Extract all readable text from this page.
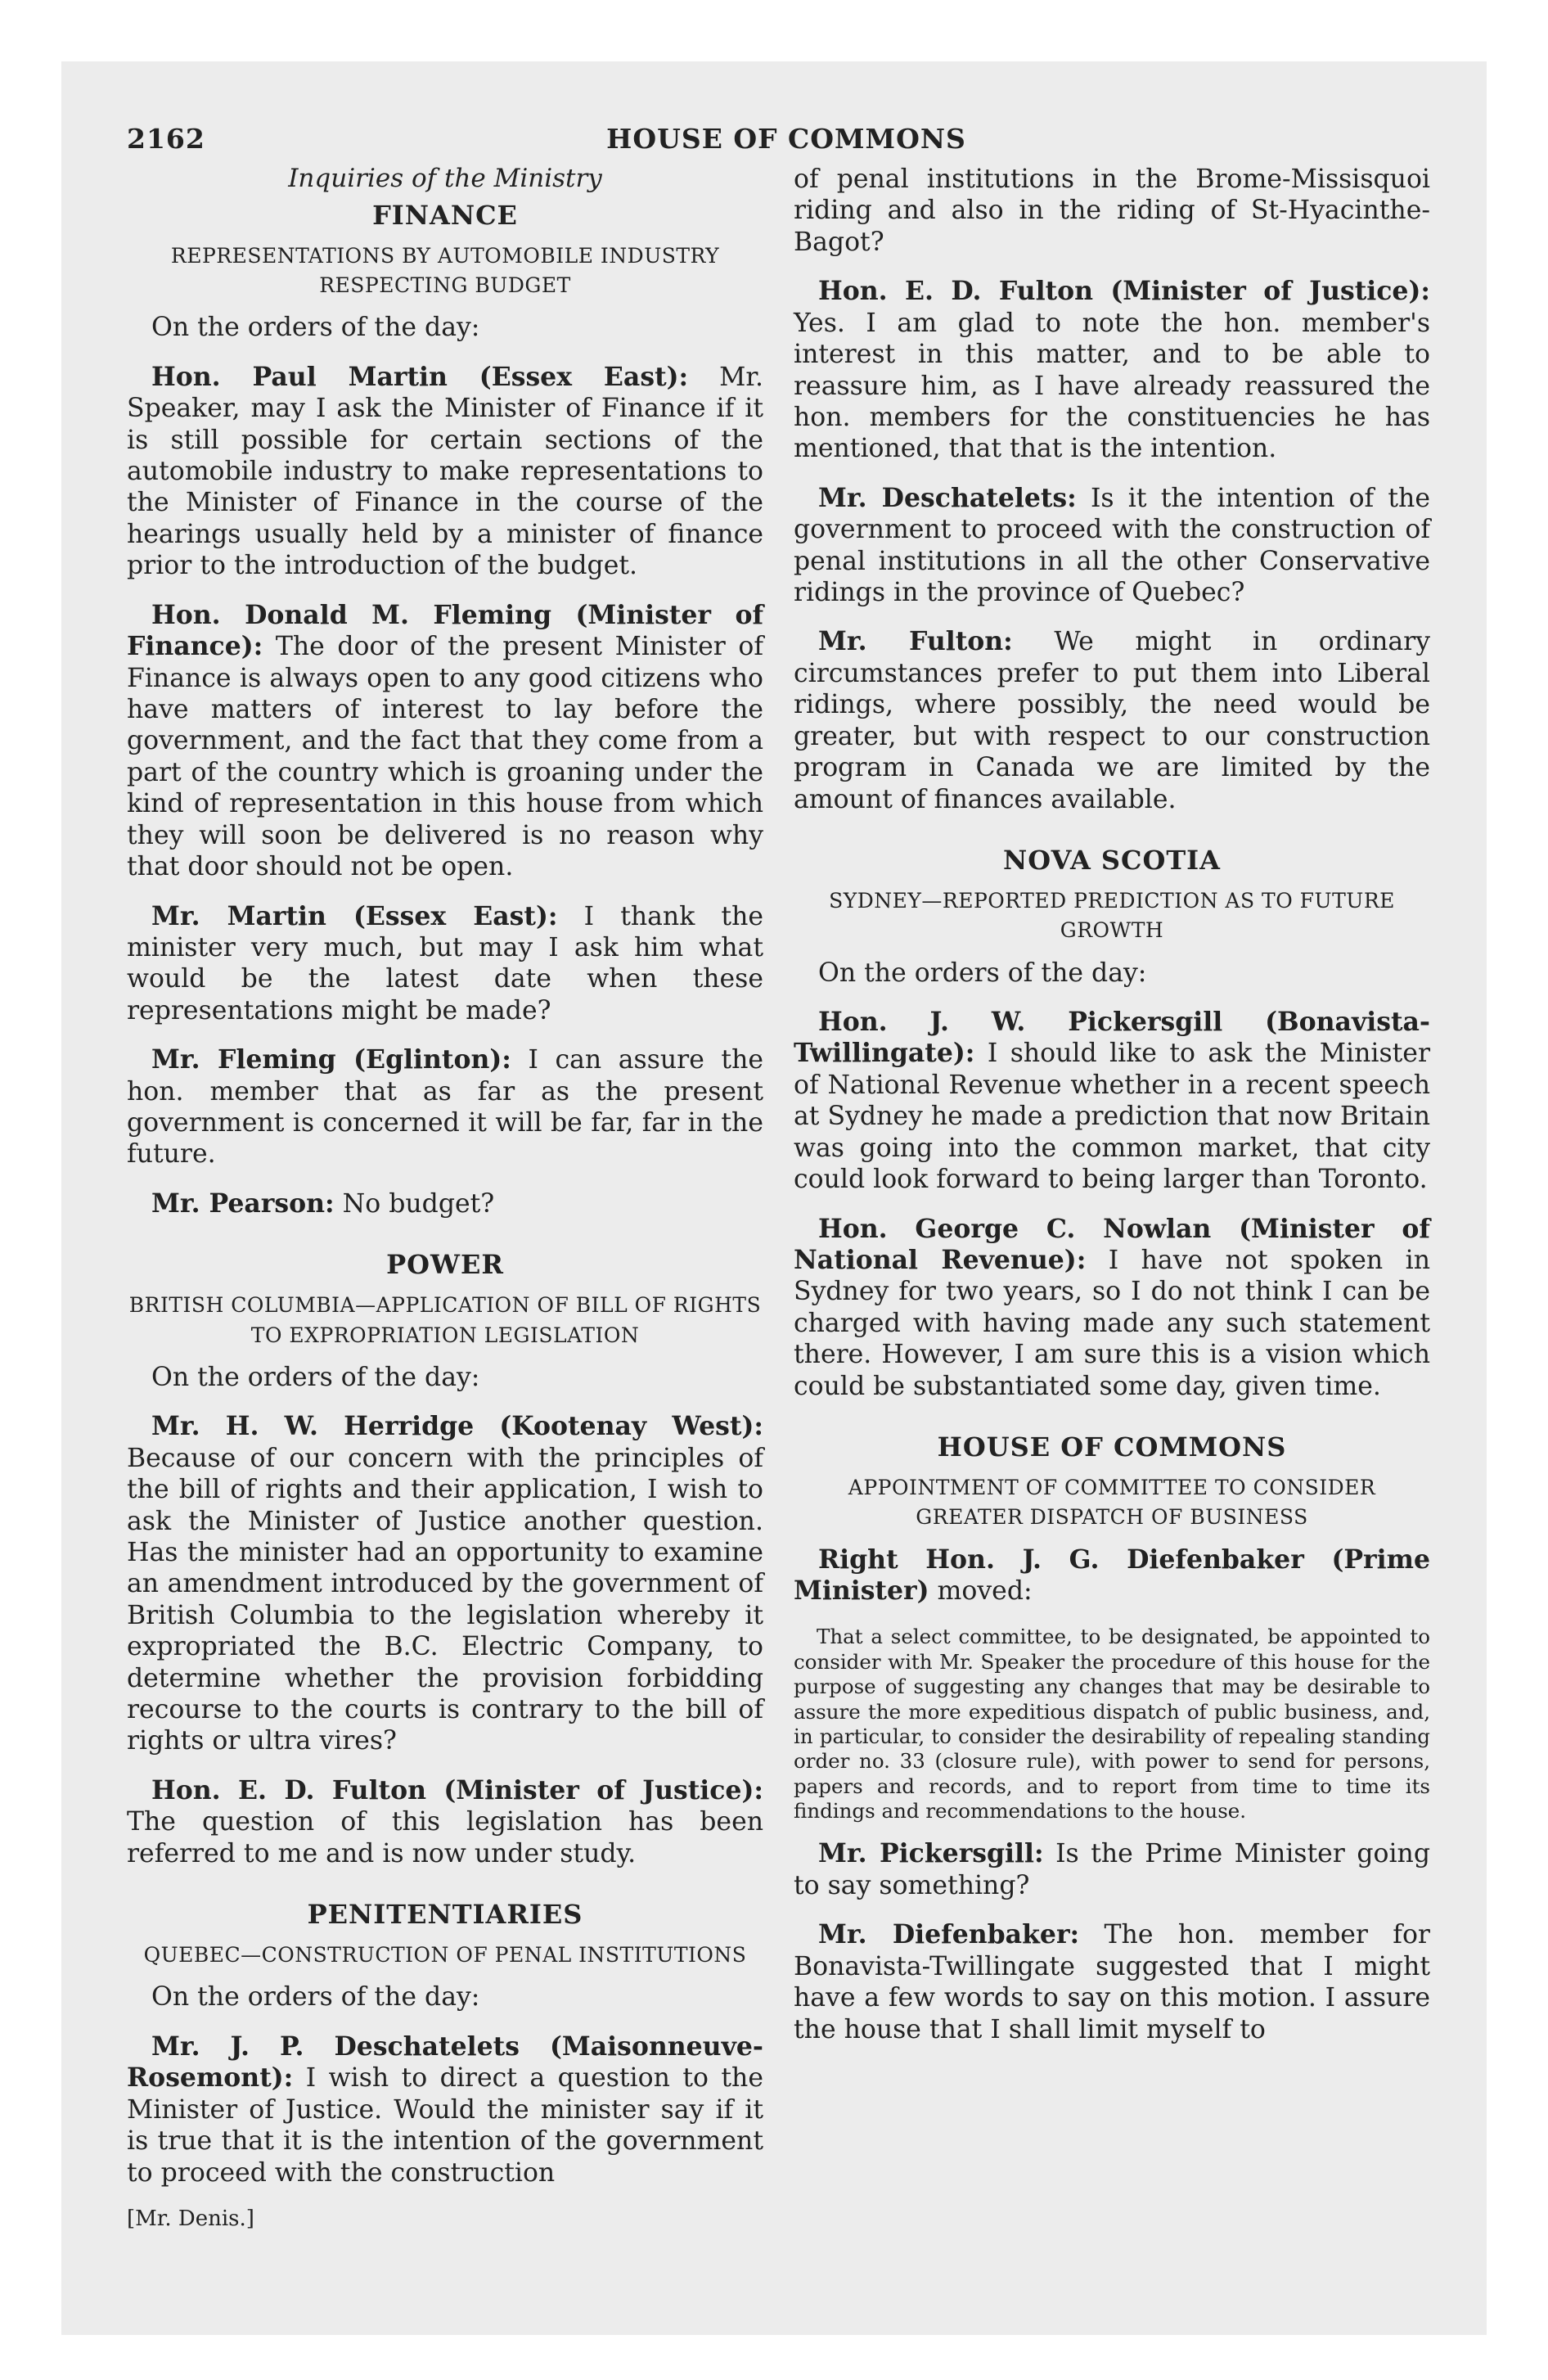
2162	HOUSE OF COMMONS
Inquiries of the Ministry
FINANCE
REPRESENTATIONS BY AUTOMOBILE INDUSTRY RESPECTING BUDGET

On the orders of the day:

Hon. Paul Martin (Essex East): Mr. Speaker, may I ask the Minister of Finance if it is still possible for certain sections of the automobile industry to make representations to the Minister of Finance in the course of the hearings usually held by a minister of finance prior to the introduction of the budget.

Hon. Donald M. Fleming (Minister of Finance): The door of the present Minister of Finance is always open to any good citizens who have matters of interest to lay before the government, and the fact that they come from a part of the country which is groaning under the kind of representation in this house from which they will soon be delivered is no reason why that door should not be open.

Mr. Martin (Essex East): I thank the minister very much, but may I ask him what would be the latest date when these representations might be made?

Mr. Fleming (Eglinton): I can assure the hon. member that as far as the present government is concerned it will be far, far in the future.

Mr. Pearson: No budget?

POWER
BRITISH COLUMBIA—APPLICATION OF BILL OF RIGHTS TO EXPROPRIATION LEGISLATION

On the orders of the day:

Mr. H. W. Herridge (Kootenay West): Because of our concern with the principles of the bill of rights and their application, I wish to ask the Minister of Justice another question. Has the minister had an opportunity to examine an amendment introduced by the government of British Columbia to the legislation whereby it expropriated the B.C. Electric Company, to determine whether the provision forbidding recourse to the courts is contrary to the bill of rights or ultra vires?

Hon. E. D. Fulton (Minister of Justice): The question of this legislation has been referred to me and is now under study.

PENITENTIARIES
QUEBEC—CONSTRUCTION OF PENAL INSTITUTIONS

On the orders of the day:

Mr. J. P. Deschatelets (Maisonneuve-Rosemont): I wish to direct a question to the Minister of Justice. Would the minister say if it is true that it is the intention of the government to proceed with the construction

[Mr. Denis.]

of penal institutions in the Brome-Missisquoi riding and also in the riding of St-Hyacinthe-Bagot?

Hon. E. D. Fulton (Minister of Justice): Yes. I am glad to note the hon. member's interest in this matter, and to be able to reassure him, as I have already reassured the hon. members for the constituencies he has mentioned, that that is the intention.

Mr. Deschatelets: Is it the intention of the government to proceed with the construction of penal institutions in all the other Conservative ridings in the province of Quebec?

Mr. Fulton: We might in ordinary circumstances prefer to put them into Liberal ridings, where possibly, the need would be greater, but with respect to our construction program in Canada we are limited by the amount of finances available.

NOVA SCOTIA
SYDNEY—REPORTED PREDICTION AS TO FUTURE GROWTH

On the orders of the day:

Hon. J. W. Pickersgill (Bonavista-Twillingate): I should like to ask the Minister of National Revenue whether in a recent speech at Sydney he made a prediction that now Britain was going into the common market, that city could look forward to being larger than Toronto.

Hon. George C. Nowlan (Minister of National Revenue): I have not spoken in Sydney for two years, so I do not think I can be charged with having made any such statement there. However, I am sure this is a vision which could be substantiated some day, given time.

HOUSE OF COMMONS
APPOINTMENT OF COMMITTEE TO CONSIDER GREATER DISPATCH OF BUSINESS

Right Hon. J. G. Diefenbaker (Prime Minister) moved:

That a select committee, to be designated, be appointed to consider with Mr. Speaker the procedure of this house for the purpose of suggesting any changes that may be desirable to assure the more expeditious dispatch of public business, and, in particular, to consider the desirability of repealing standing order no. 33 (closure rule), with power to send for persons, papers and records, and to report from time to time its findings and recommendations to the house.

Mr. Pickersgill: Is the Prime Minister going to say something?

Mr. Diefenbaker: The hon. member for Bonavista-Twillingate suggested that I might have a few words to say on this motion. I assure the house that I shall limit myself to
